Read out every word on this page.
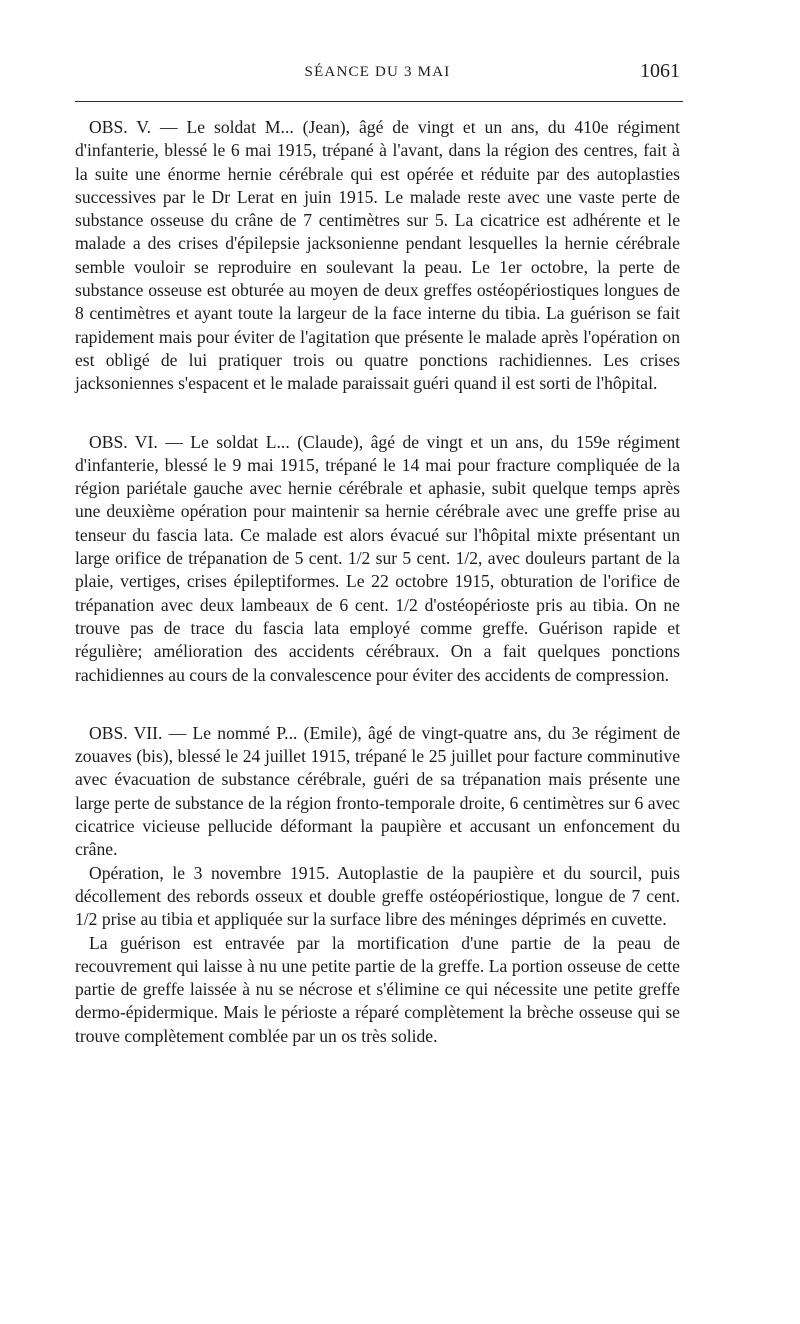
SÉANCE DU 3 MAI	1061

OBS. V. — Le soldat M... (Jean), âgé de vingt et un ans, du 410e régiment d'infanterie, blessé le 6 mai 1915, trépané à l'avant, dans la région des centres, fait à la suite une énorme hernie cérébrale qui est opérée et réduite par des autoplasties successives par le Dr Lerat en juin 1915. Le malade reste avec une vaste perte de substance osseuse du crâne de 7 centimètres sur 5. La cicatrice est adhérente et le malade a des crises d'épilepsie jacksonienne pendant lesquelles la hernie cérébrale semble vouloir se reproduire en soulevant la peau. Le 1er octobre, la perte de substance osseuse est obturée au moyen de deux greffes ostéopériostiques longues de 8 centimètres et ayant toute la largeur de la face interne du tibia. La guérison se fait rapidement mais pour éviter de l'agitation que présente le malade après l'opération on est obligé de lui pratiquer trois ou quatre ponctions rachidiennes. Les crises jacksoniennes s'espacent et le malade paraissait guéri quand il est sorti de l'hôpital.

OBS. VI. — Le soldat L... (Claude), âgé de vingt et un ans, du 159e régiment d'infanterie, blessé le 9 mai 1915, trépané le 14 mai pour fracture compliquée de la région pariétale gauche avec hernie cérébrale et aphasie, subit quelque temps après une deuxième opération pour maintenir sa hernie cérébrale avec une greffe prise au tenseur du fascia lata. Ce malade est alors évacué sur l'hôpital mixte présentant un large orifice de trépanation de 5 cent. 1/2 sur 5 cent. 1/2, avec douleurs partant de la plaie, vertiges, crises épileptiformes. Le 22 octobre 1915, obturation de l'orifice de trépanation avec deux lambeaux de 6 cent. 1/2 d'ostéopérioste pris au tibia. On ne trouve pas de trace du fascia lata employé comme greffe. Guérison rapide et régulière; amélioration des accidents cérébraux. On a fait quelques ponctions rachidiennes au cours de la convalescence pour éviter des accidents de compression.

OBS. VII. — Le nommé P... (Emile), âgé de vingt-quatre ans, du 3e régiment de zouaves (bis), blessé le 24 juillet 1915, trépané le 25 juillet pour facture comminutive avec évacuation de substance cérébrale, guéri de sa trépanation mais présente une large perte de substance de la région fronto-temporale droite, 6 centimètres sur 6 avec cicatrice vicieuse pellucide déformant la paupière et accusant un enfoncement du crâne.

Opération, le 3 novembre 1915. Autoplastie de la paupière et du sourcil, puis décollement des rebords osseux et double greffe ostéopériostique, longue de 7 cent. 1/2 prise au tibia et appliquée sur la surface libre des méninges déprimés en cuvette.

La guérison est entravée par la mortification d'une partie de la peau de recouvrement qui laisse à nu une petite partie de la greffe. La portion osseuse de cette partie de greffe laissée à nu se nécrose et s'élimine ce qui nécessite une petite greffe dermo-épidermique. Mais le périoste a réparé complètement la brèche osseuse qui se trouve complètement comblée par un os très solide.
